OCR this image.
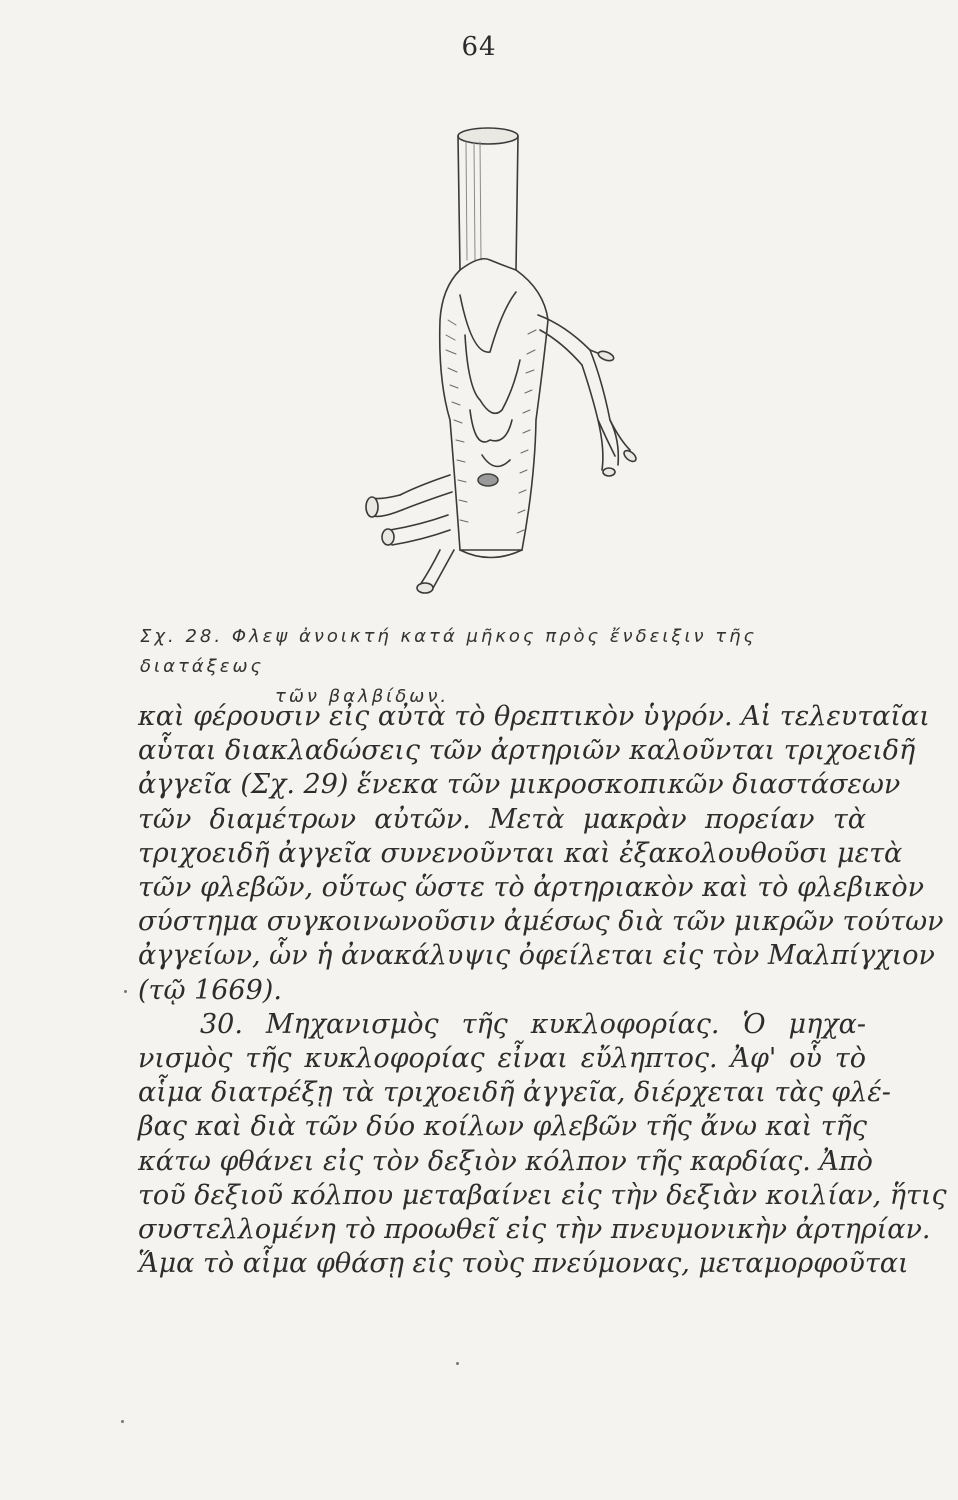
64
Σχ. 28. Φλεψ ἀνοικτή κατά μῆκος πρὸς ἔνδειξιν τῆς διατάξεως
τῶν βαλβίδων.
καὶ φέρουσιν εἰς αὐτὰ τὸ θρεπτικὸν ὑγρόν. Αἱ τελευταῖαι
αὗται διακλαδώσεις τῶν ἀρτηριῶν καλοῦνται τριχοειδῆ
ἀγγεῖα (Σχ. 29) ἕνεκα τῶν μικροσκοπικῶν διαστάσεων
τῶν διαμέτρων αὐτῶν. Μετὰ μακρὰν πορείαν τὰ
τριχοειδῆ ἀγγεῖα συνενοῦνται καὶ ἐξακολουθοῦσι μετὰ
τῶν φλεβῶν, οὕτως ὥστε τὸ ἀρτηριακὸν καὶ τὸ φλεβικὸν
σύστημα συγκοινωνοῦσιν ἀμέσως διὰ τῶν μικρῶν τούτων
ἀγγείων, ὧν ἡ ἀνακάλυψις ὀφείλεται εἰς τὸν Μαλπίγχιον
(τῷ 1669).
30. Μηχανισμὸς τῆς κυκλοφορίας. Ὁ μηχα-
νισμὸς τῆς κυκλοφορίας εἶναι εὔληπτος. Ἀφ' οὗ τὸ
αἷμα διατρέξῃ τὰ τριχοειδῆ ἀγγεῖα, διέρχεται τὰς φλέ-
βας καὶ διὰ τῶν δύο κοίλων φλεβῶν τῆς ἄνω καὶ τῆς
κάτω φθάνει εἰς τὸν δεξιὸν κόλπον τῆς καρδίας. Ἀπὸ
τοῦ δεξιοῦ κόλπου μεταβαίνει εἰς τὴν δεξιὰν κοιλίαν, ἥτις
συστελλομένη τὸ προωθεῖ εἰς τὴν πνευμονικὴν ἀρτηρίαν.
Ἅμα τὸ αἷμα φθάσῃ εἰς τοὺς πνεύμονας, μεταμορφοῦται
